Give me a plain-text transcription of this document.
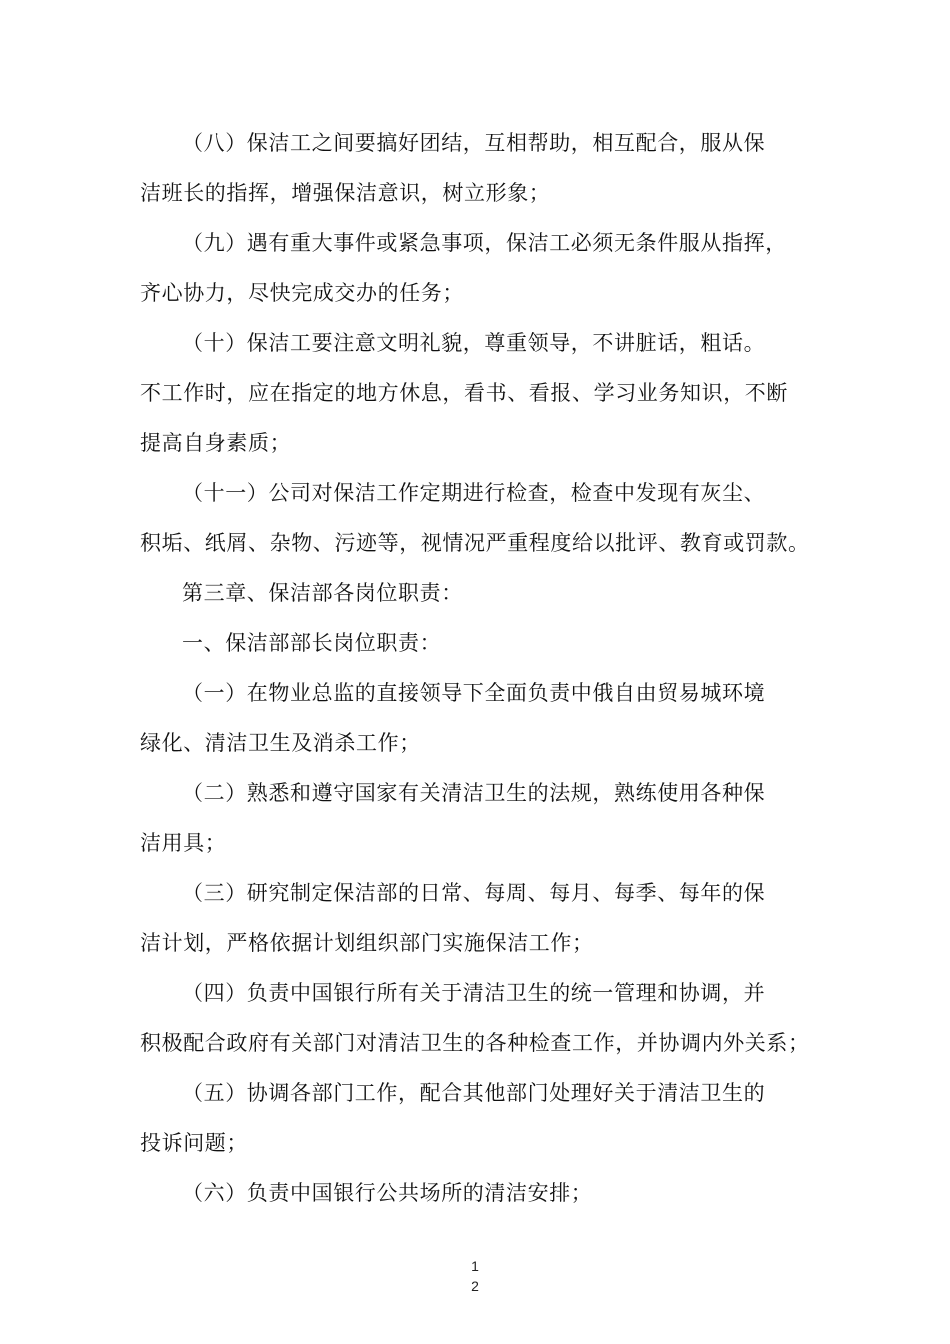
（八）保洁工之间要搞好团结，互相帮助，相互配合，服从保
洁班长的指挥，增强保洁意识，树立形象；

（九）遇有重大事件或紧急事项，保洁工必须无条件服从指挥，
齐心协力，尽快完成交办的任务；

（十）保洁工要注意文明礼貌，尊重领导，不讲脏话，粗话。
不工作时，应在指定的地方休息，看书、看报、学习业务知识，不断
提高自身素质；

（十一）公司对保洁工作定期进行检查，检查中发现有灰尘、
积垢、纸屑、杂物、污迹等，视情况严重程度给以批评、教育或罚款。

第三章、保洁部各岗位职责：

一、保洁部部长岗位职责：

（一）在物业总监的直接领导下全面负责中俄自由贸易城环境
绿化、清洁卫生及消杀工作；

（二）熟悉和遵守国家有关清洁卫生的法规，熟练使用各种保
洁用具；

（三）研究制定保洁部的日常、每周、每月、每季、每年的保
洁计划，严格依据计划组织部门实施保洁工作；

（四）负责中国银行所有关于清洁卫生的统一管理和协调，并
积极配合政府有关部门对清洁卫生的各种检查工作，并协调内外关系；

（五）协调各部门工作，配合其他部门处理好关于清洁卫生的
投诉问题；

（六）负责中国银行公共场所的清洁安排；

1
2
